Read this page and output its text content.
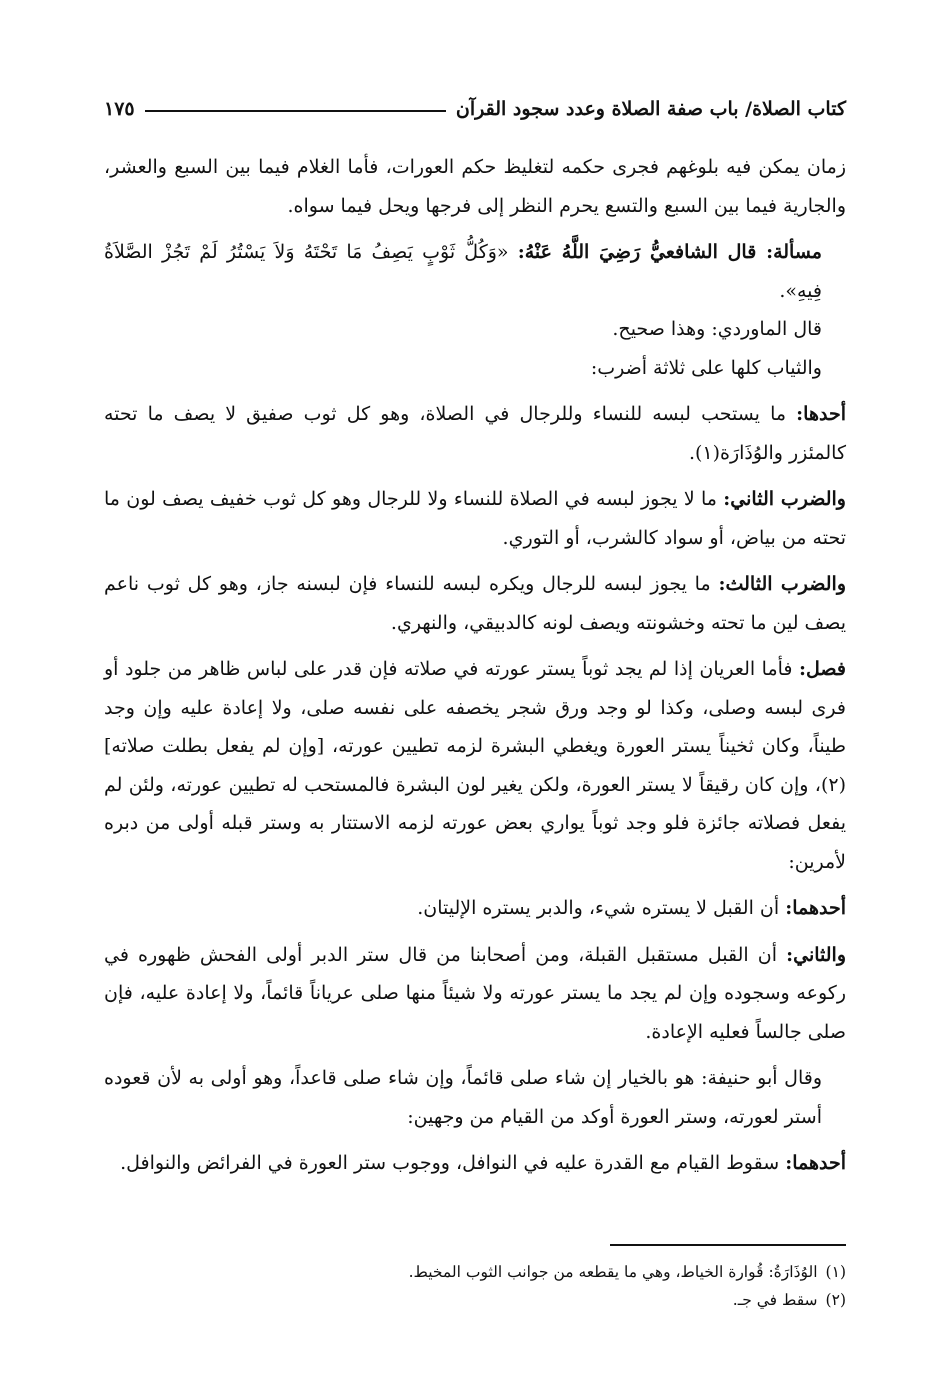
كتاب الصلاة/ باب صفة الصلاة وعدد سجود القرآن
١٧٥

زمان يمكن فيه بلوغهم فجرى حكمه لتغليظ حكم العورات، فأما الغلام فيما بين السبع والعشر، والجارية فيما بين السبع والتسع يحرم النظر إلى فرجها ويحل فيما سواه.

مسألة: قال الشافعيُّ رَضِيَ اللَّهُ عَنْهُ: «وَكُلُّ ثَوْبٍ يَصِفُ مَا تَحْتَهُ وَلاَ يَسْتُرُ لَمْ تَجُزْ الصَّلاَةُ فِيهِ».

قال الماوردي: وهذا صحيح.

والثياب كلها على ثلاثة أضرب:

أحدها: ما يستحب لبسه للنساء وللرجال في الصلاة، وهو كل ثوب صفيق لا يصف ما تحته كالمئزر والوُذَارَة(١).

والضرب الثاني: ما لا يجوز لبسه في الصلاة للنساء ولا للرجال وهو كل ثوب خفيف يصف لون ما تحته من بياض، أو سواد كالشرب، أو التوري.

والضرب الثالث: ما يجوز لبسه للرجال ويكره لبسه للنساء فإن لبسنه جاز، وهو كل ثوب ناعم يصف لين ما تحته وخشونته ويصف لونه كالدبيقي، والنهري.

فصل: فأما العريان إذا لم يجد ثوباً يستر عورته في صلاته فإن قدر على لباس ظاهر من جلود أو فرى لبسه وصلى، وكذا لو وجد ورق شجر يخصفه على نفسه صلى، ولا إعادة عليه وإن وجد طيناً، وكان ثخيناً يستر العورة ويغطي البشرة لزمه تطيين عورته، [وإن لم يفعل بطلت صلاته](٢)، وإن كان رقيقاً لا يستر العورة، ولكن يغير لون البشرة فالمستحب له تطيين عورته، ولئن لم يفعل فصلاته جائزة فلو وجد ثوباً يواري بعض عورته لزمه الاستتار به وستر قبله أولى من دبره لأمرين:

أحدهما: أن القبل لا يستره شيء، والدبر يستره الإليتان.

والثاني: أن القبل مستقبل القبلة، ومن أصحابنا من قال ستر الدبر أولى الفحش ظهوره في ركوعه وسجوده وإن لم يجد ما يستر عورته ولا شيئاً منها صلى عرياناً قائماً، ولا إعادة عليه، فإن صلى جالساً فعليه الإعادة.

وقال أبو حنيفة: هو بالخيار إن شاء صلى قائماً، وإن شاء صلى قاعداً، وهو أولى به لأن قعوده أستر لعورته، وستر العورة أوكد من القيام من وجهين:

أحدهما: سقوط القيام مع القدرة عليه في النوافل، ووجوب ستر العورة في الفرائض والنوافل.

(١)
الوُذَارَةُ: قُوارة الخياط، وهي ما يقطعه من جوانب الثوب المخيط.
(٢)
سقط في جـ.
